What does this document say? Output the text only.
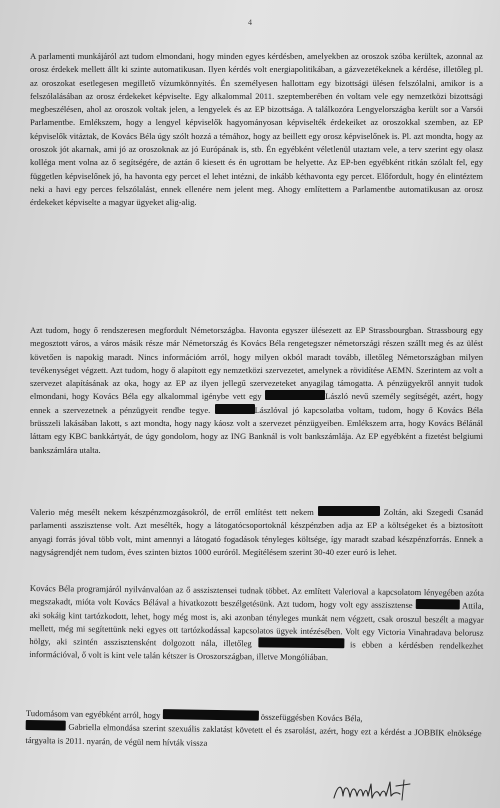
4

A parlamenti munkájáról azt tudom elmondani, hogy minden egyes kérdésben, amelyekben az oroszok szóba kerültek, azonnal az orosz érdekek mellett állt ki szinte automatikusan. Ilyen kérdés volt energiapolitikában, a gázvezetékeknek a kérdése, illetőleg pl. az oroszokat esetlegesen megillető vízumkönnyítés. Én személyesen hallottam egy bizottsági ülésen felszólalni, amikor is a felszólalásában az orosz érdekeket képviselte. Egy alkalommal 2011. szeptemberében én voltam vele egy nemzetközi bizottsági megbeszélésen, ahol az oroszok voltak jelen, a lengyelek és az EP bizottsága. A találkozóra Lengyelországba került sor a Varsói Parlamentbe. Emlékszem, hogy a lengyel képviselők hagyományosan képviselték érdekeiket az oroszokkal szemben, az EP képviselők vitáztak, de Kovács Béla úgy szólt hozzá a témához, hogy az beillett egy orosz képviselőnek is. Pl. azt mondta, hogy az oroszok jót akarnak, ami jó az oroszoknak az jó Európának is, stb. Én egyébként véletlenül utaztam vele, a terv szerint egy olasz kolléga ment volna az ő segítségére, de aztán ő kiesett és én ugrottam be helyette. Az EP-ben egyébként ritkán szólalt fel, egy független képviselőnek jó, ha havonta egy percet el lehet intézni, de inkább kéthavonta egy percet. Előfordult, hogy én elintéztem neki a havi egy perces felszólalást, ennek ellenére nem jelent meg. Ahogy említettem a Parlamentbe automatikusan az orosz érdekeket képviselte a magyar ügyeket alig-alig.

Azt tudom, hogy ő rendszeresen megfordult Németországba. Havonta egyszer ülésezett az EP Strassbourgban. Strassbourg egy megosztott város, a város másik része már Németország és Kovács Béla rengetegszer németországi részen szállt meg és az ülést követően is napokig maradt. Nincs információm arról, hogy milyen okból maradt tovább, illetőleg Németországban milyen tevékenységet végzett. Azt tudom, hogy ő alapított egy nemzetközi szervezetet, amelynek a rövidítése AEMN. Szerintem az volt a szervezet alapításának az oka, hogy az EP az ilyen jellegű szervezeteket anyagilag támogatta. A pénzügyekről annyit tudok elmondani, hogy Kovács Béla egy alkalommal igénybe vett egy	László nevű személy segítségét, azért, hogy ennek a szervezetnek a pénzügyeit rendbe tegye.	Lászlóval jó kapcsolatba voltam, tudom, hogy ő Kovács Béla brüsszeli lakásában lakott, s azt mondta, hogy nagy káosz volt a szervezet pénzügyeiben. Emlékszem arra, hogy Kovács Bélánál láttam egy KBC bankkártyát, de úgy gondolom, hogy az ING Banknál is volt bankszámlája. Az EP egyébként a fizetést belgiumi bankszámlára utalta.

Valerio még mesélt nekem készpénzmozgásokról, de erről említést tett nekem	Zoltán, aki Szegedi Csanád parlamenti asszisztense volt. Azt mesélték, hogy a látogatócsoportoknál készpénzben adja az EP a költségeket és a biztosított anyagi forrás jóval több volt, mint amennyi a látogató fogadások tényleges költsége, így maradt szabad készpénzforrás. Ennek a nagyságrendjét nem tudom, éves szinten biztos 1000 euróról. Megítélésem szerint 30-40 ezer euró is lehet.

Kovács Béla programjáról nyilvánvalóan az ő asszisztensei tudnak többet. Az említett Valerioval a kapcsolatom lényegében azóta megszakadt, mióta volt Kovács Bélával a hivatkozott beszélgetésünk. Azt tudom, hogy volt egy asszisztense	Attila, aki sokáig kint tartózkodott, lehet, hogy még most is, aki azonban tényleges munkát nem végzett, csak oroszul beszélt a magyar mellett, még mi segítettünk neki egyes ott tartózkodással kapcsolatos ügyek intézésében. Volt egy Victoria Vinahradava belorusz hölgy, aki szintén asszisztensként dolgozott nála, illetőleg	is ebben a kérdésben rendelkezhet információval, ő volt is kint vele talán kétszer is Oroszországban, illetve Mongóliában.

Tudomásom van egyébként arról, hogy	összefüggésben Kovács Béla,
Gabriella elmondása szerint szexuális zaklatást követett el és zsarolást, azért, hogy ezt a kérdést a JOBBIK elnöksége tárgyalta is 2011. nyarán, de végül nem hívták vissza
